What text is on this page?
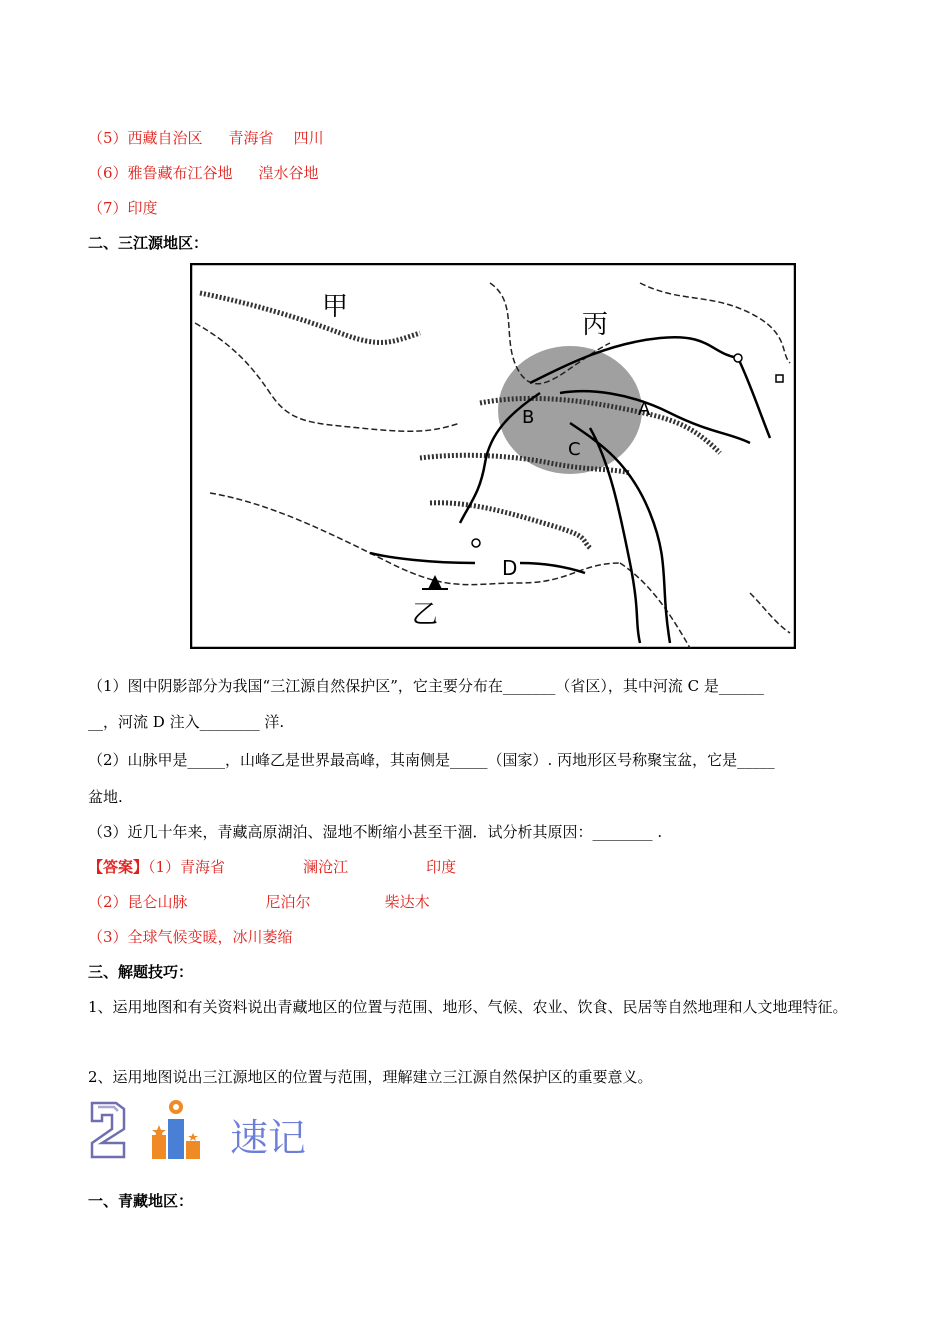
（5）西藏自治区 青海省 四川
（6）雅鲁藏布江谷地 湟水谷地
（7）印度
二、三江源地区：
甲
丙
乙
A
B
C
D
（1）图中阴影部分为我国“三江源自然保护区”，它主要分布在_______（省区），其中河流 C 是______
__，河流 D 注入________ 洋.
（2）山脉甲是_____，山峰乙是世界最高峰，其南侧是_____（国家）. 丙地形区号称聚宝盆，它是_____
盆地.
（3）近几十年来，青藏高原湖泊、湿地不断缩小甚至干涸．试分析其原因：________ .
【答案】（1）青海省	澜沧江	印度
（2）昆仑山脉	尼泊尔	柴达木
（3）全球气候变暖，冰川萎缩
三、解题技巧：
1、运用地图和有关资料说出青藏地区的位置与范围、地形、气候、农业、饮食、民居等自然地理和人文地理特征。
2、运用地图说出三江源地区的位置与范围，理解建立三江源自然保护区的重要意义。
速记
一、青藏地区：
